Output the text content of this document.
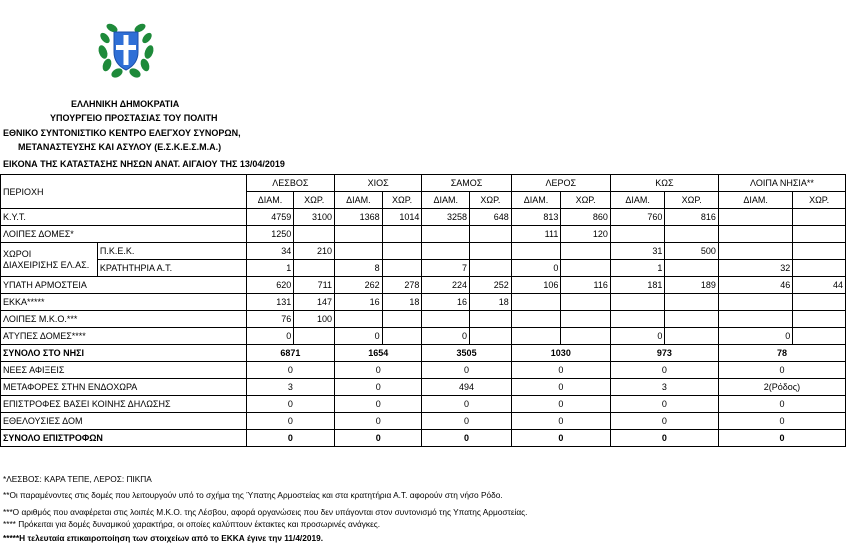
ΕΛΛΗΝΙΚΗ ΔΗΜΟΚΡΑΤΙΑ
ΥΠΟΥΡΓΕΙΟ ΠΡΟΣΤΑΣΙΑΣ ΤΟΥ ΠΟΛΙΤΗ
ΕΘΝΙΚΟ ΣΥΝΤΟΝΙΣΤΙΚΟ ΚΕΝΤΡΟ ΕΛΕΓΧΟΥ ΣΥΝΟΡΩΝ,
ΜΕΤΑΝΑΣΤΕΥΣΗΣ ΚΑΙ ΑΣΥΛΟΥ (Ε.Σ.Κ.Ε.Σ.Μ.Α.)
ΕΙΚΟΝΑ ΤΗΣ ΚΑΤΑΣΤΑΣΗΣ ΝΗΣΩΝ ΑΝΑΤ. ΑΙΓΑΙΟΥ ΤΗΣ 13/04/2019
ΠΕΡΙΟΧΗ		ΛΕΣΒΟΣ		ΧΙΟΣ		ΣΑΜΟΣ		ΛΕΡΟΣ		ΚΩΣ		ΛΟΙΠΑ ΝΗΣΙΑ**	
		ΔΙΑΜ.	ΧΩΡ.	ΔΙΑΜ.	ΧΩΡ.	ΔΙΑΜ.	ΧΩΡ.	ΔΙΑΜ.	ΧΩΡ.	ΔΙΑΜ.	ΧΩΡ.	ΔΙΑΜ.	ΧΩΡ.
Κ.Υ.Τ.		4759	3100	1368	1014	3258	648	813	860	760	816		
ΛΟΙΠΕΣ ΔΟΜΕΣ*		1250						111	120				
ΧΩΡΟΙ
ΔΙΑΧΕΙΡΙΣΗΣ ΕΛ.ΑΣ.	Π.Κ.Ε.Κ.	34	210							31	500		
	ΚΡΑΤΗΤΗΡΙΑ Α.Τ.	1		8		7		0		1		32	
ΥΠΑΤΗ ΑΡΜΟΣΤΕΙΑ		620	711	262	278	224	252	106	116	181	189	46	44
ΕΚΚΑ*****		131	147	16	18	16	18						
ΛΟΙΠΕΣ Μ.Κ.Ο.***		76	100										
ΑΤΥΠΕΣ ΔΟΜΕΣ****		0		0		0				0		0	
ΣΥΝΟΛΟ ΣΤΟ ΝΗΣΙ		6871		1654		3505		1030		973		78	
ΝΕΕΣ ΑΦΙΞΕΙΣ		0		0		0		0		0		0	
ΜΕΤΑΦΟΡΕΣ ΣΤΗΝ ΕΝΔΟΧΩΡΑ		3		0		494		0		3		2(Ρόδος)	
ΕΠΙΣΤΡΟΦΕΣ ΒΑΣΕΙ ΚΟΙΝΗΣ ΔΗΛΩΣΗΣ		0		0		0		0		0		0	
ΕΘΕΛΟΥΣΙΕΣ ΔΟΜ		0		0		0		0		0		0	
ΣΥΝΟΛΟ ΕΠΙΣΤΡΟΦΩΝ		0		0		0		0		0		0	
*ΛΕΣΒΟΣ: ΚΑΡΑ ΤΕΠΕ, ΛΕΡΟΣ: ΠΙΚΠΑ
**Οι παραμένοντες στις δομές που λειτουργούν υπό το σχήμα της Ύπατης Αρμοστείας και στα κρατητήρια Α.Τ. αφορούν στη νήσο Ρόδο.
***Ο αριθμός που αναφέρεται στις λοιπές Μ.Κ.Ο. της Λέσβου, αφορά οργανώσεις που δεν υπάγονται στον συντονισμό της Υπατης Αρμοστείας.
**** Πρόκειται για δομές δυναμικού χαρακτήρα, οι οποίες καλύπτουν έκτακτες και προσωρινές ανάγκες.
*****Η τελευταία επικαιροποίηση των στοιχείων από το ΕΚΚΑ έγινε την 11/4/2019.
